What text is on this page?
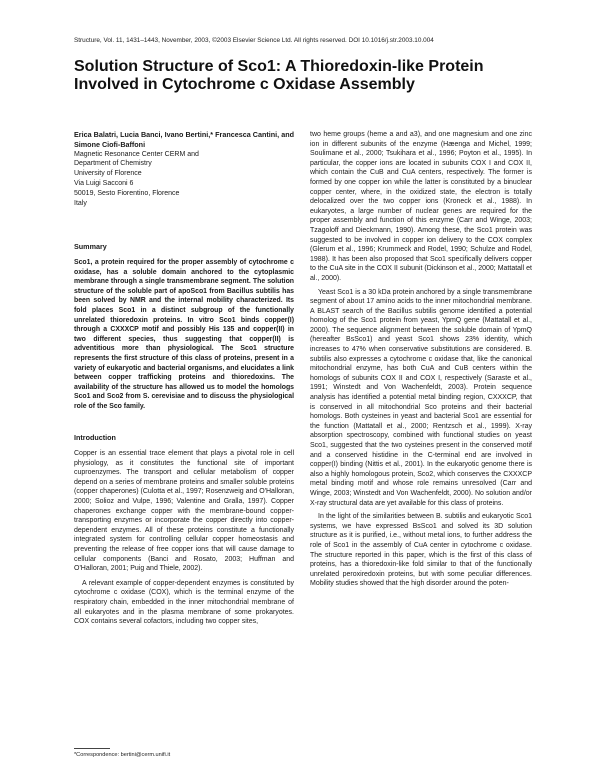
Structure, Vol. 11, 1431–1443, November, 2003, ©2003 Elsevier Science Ltd. All rights reserved. DOI 10.1016/j.str.2003.10.004
Solution Structure of Sco1: A Thioredoxin-like Protein Involved in Cytochrome c Oxidase Assembly
Erica Balatri, Lucia Banci, Ivano Bertini,* Francesca Cantini, and Simone Ciofi-Baffoni
Magnetic Resonance Center CERM and
Department of Chemistry
University of Florence
Via Luigi Sacconi 6
50019, Sesto Fiorentino, Florence
Italy
Summary

Sco1, a protein required for the proper assembly of cytochrome c oxidase, has a soluble domain anchored to the cytoplasmic membrane through a single transmembrane segment. The solution structure of the soluble part of apoSco1 from Bacillus subtilis has been solved by NMR and the internal mobility characterized. Its fold places Sco1 in a distinct subgroup of the functionally unrelated thioredoxin proteins. In vitro Sco1 binds copper(I) through a CXXXCP motif and possibly His 135 and copper(II) in two different species, thus suggesting that copper(II) is adventitious more than physiological. The Sco1 structure represents the first structure of this class of proteins, present in a variety of eukaryotic and bacterial organisms, and elucidates a link between copper trafficking proteins and thioredoxins. The availability of the structure has allowed us to model the homologs Sco1 and Sco2 from S. cerevisiae and to discuss the physiological role of the Sco family.

Introduction

Copper is an essential trace element that plays a pivotal role in cell physiology, as it constitutes the functional site of important cuproenzymes. The transport and cellular metabolism of copper depend on a series of membrane proteins and smaller soluble proteins (copper chaperones) (Culotta et al., 1997; Rosenzweig and O'Halloran, 2000; Solioz and Vulpe, 1996; Valentine and Gralla, 1997). Copper chaperones exchange copper with the membrane-bound copper-transporting enzymes or incorporate the copper directly into copper-dependent enzymes. All of these proteins constitute a functionally integrated system for controlling cellular copper homeostasis and preventing the release of free copper ions that will cause damage to cellular components (Banci and Rosato, 2003; Huffman and O'Halloran, 2001; Puig and Thiele, 2002).

A relevant example of copper-dependent enzymes is constituted by cytochrome c oxidase (COX), which is the terminal enzyme of the respiratory chain, embedded in the inner mitochondrial membrane of all eukaryotes and in the plasma membrane of some prokaryotes. COX contains several cofactors, including two copper sites,

two heme groups (heme a and a3), and one magnesium and one zinc ion in different subunits of the enzyme (Hæenga and Michel, 1999; Soulimane et al., 2000; Tsukihara et al., 1996; Poyton et al., 1995). In particular, the copper ions are located in subunits COX I and COX II, which contain the CuB and CuA centers, respectively. The former is formed by one copper ion while the latter is constituted by a binuclear copper center, where, in the oxidized state, the electron is totally delocalized over the two copper ions (Kroneck et al., 1988). In eukaryotes, a large number of nuclear genes are required for the proper assembly and function of this enzyme (Carr and Winge, 2003; Tzagoloff and Dieckmann, 1990). Among these, the Sco1 protein was suggested to be involved in copper ion delivery to the COX complex (Glerum et al., 1996; Krummeck and Rodel, 1990; Schulze and Rodel, 1988). It has been also proposed that Sco1 specifically delivers copper to the CuA site in the COX II subunit (Dickinson et al., 2000; Mattatall et al., 2000).

Yeast Sco1 is a 30 kDa protein anchored by a single transmembrane segment of about 17 amino acids to the inner mitochondrial membrane. A BLAST search of the Bacillus subtilis genome identified a potential homolog of the Sco1 protein from yeast, YpmQ gene (Mattatall et al., 2000). The sequence alignment between the soluble domain of YpmQ (hereafter BsSco1) and yeast Sco1 shows 23% identity, which increases to 47% when conservative substitutions are considered. B. subtilis also expresses a cytochrome c oxidase that, like the canonical mitochondrial enzyme, has both CuA and CuB centers within the homologs of subunits COX II and COX I, respectively (Saraste et al., 1991; Winstedt and Von Wachenfeldt, 2003). Protein sequence analysis has identified a potential metal binding region, CXXXCP, that is conserved in all mitochondrial Sco proteins and their bacterial homologs. Both cysteines in yeast and bacterial Sco1 are essential for the function (Mattatall et al., 2000; Rentzsch et al., 1999). X-ray absorption spectroscopy, combined with functional studies on yeast Sco1, suggested that the two cysteines present in the conserved motif and a conserved histidine in the C-terminal end are involved in copper(I) binding (Nittis et al., 2001). In the eukaryotic genome there is also a highly homologous protein, Sco2, which conserves the CXXXCP metal binding motif and whose role remains unresolved (Carr and Winge, 2003; Winstedt and Von Wachenfeldt, 2000). No solution and/or X-ray structural data are yet available for this class of proteins.

In the light of the similarities between B. subtilis and eukaryotic Sco1 systems, we have expressed BsSco1 and solved its 3D solution structure as it is purified, i.e., without metal ions, to further address the role of Sco1 in the assembly of CuA center in cytochrome c oxidase. The structure reported in this paper, which is the first of this class of proteins, has a thioredoxin-like fold similar to that of the functionally unrelated peroxiredoxin proteins, but with some peculiar differences. Mobility studies showed that the high disorder around the poten-

*Correspondence: bertini@cerm.unifi.it
